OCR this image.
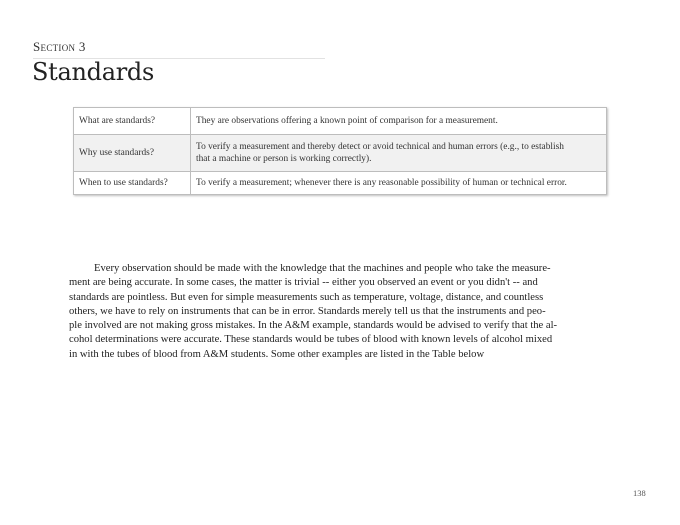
Section 3
Standards
What are standards?	They are observations offering a known point of comparison for a measurement.
Why use standards?	To verify a measurement and thereby detect or avoid technical and human errors (e.g., to establish
that a machine or person is working correctly).
When to use standards?	To verify a measurement; whenever there is any reasonable possibility of human or technical error.

Every observation should be made with the knowledge that the machines and people who take the measure-
ment are being accurate. In some cases, the matter is trivial -- either you observed an event or you didn't -- and
standards are pointless. But even for simple measurements such as temperature, voltage, distance, and countless
others, we have to rely on instruments that can be in error. Standards merely tell us that the instruments and peo-
ple involved are not making gross mistakes. In the A&M example, standards would be advised to verify that the al-
cohol determinations were accurate. These standards would be tubes of blood with known levels of alcohol mixed
in with the tubes of blood from A&M students. Some other examples are listed in the Table below

138
